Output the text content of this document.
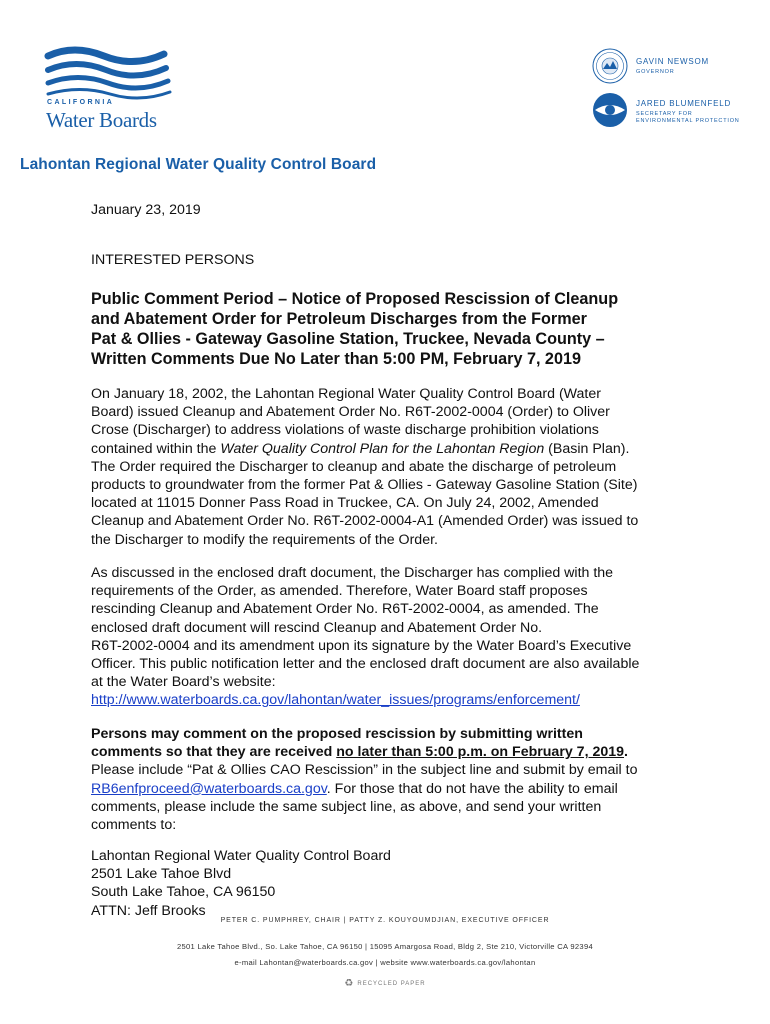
CALIFORNIA
Water Boards
GAVIN NEWSOM
GOVERNOR
JARED BLUMENFELD
SECRETARY FOR
ENVIRONMENTAL PROTECTION
Lahontan Regional Water Quality Control Board
January 23, 2019
INTERESTED PERSONS
Public Comment Period – Notice of Proposed Rescission of Cleanup
and Abatement Order for Petroleum Discharges from the Former
Pat & Ollies - Gateway Gasoline Station, Truckee, Nevada County –
Written Comments Due No Later than 5:00 PM, February 7, 2019
On January 18, 2002, the Lahontan Regional Water Quality Control Board (Water
Board) issued Cleanup and Abatement Order No. R6T-2002-0004 (Order) to Oliver
Crose (Discharger) to address violations of waste discharge prohibition violations
contained within the Water Quality Control Plan for the Lahontan Region (Basin Plan).
The Order required the Discharger to cleanup and abate the discharge of petroleum
products to groundwater from the former Pat & Ollies - Gateway Gasoline Station (Site)
located at 11015 Donner Pass Road in Truckee, CA. On July 24, 2002, Amended
Cleanup and Abatement Order No. R6T-2002-0004-A1 (Amended Order) was issued to
the Discharger to modify the requirements of the Order.
As discussed in the enclosed draft document, the Discharger has complied with the
requirements of the Order, as amended. Therefore, Water Board staff proposes
rescinding Cleanup and Abatement Order No. R6T-2002-0004, as amended. The
enclosed draft document will rescind Cleanup and Abatement Order No.
R6T-2002-0004 and its amendment upon its signature by the Water Board’s Executive
Officer. This public notification letter and the enclosed draft document are also available
at the Water Board’s website:
http://www.waterboards.ca.gov/lahontan/water_issues/programs/enforcement/
Persons may comment on the proposed rescission by submitting written
comments so that they are received no later than 5:00 p.m. on February 7, 2019.
Please include “Pat & Ollies CAO Rescission” in the subject line and submit by email to
RB6enfproceed@waterboards.ca.gov. For those that do not have the ability to email
comments, please include the same subject line, as above, and send your written
comments to:
Lahontan Regional Water Quality Control Board
2501 Lake Tahoe Blvd
South Lake Tahoe, CA 96150
ATTN: Jeff Brooks
PETER C. PUMPHREY, CHAIR | PATTY Z. KOUYOUMDJIAN, EXECUTIVE OFFICER
2501 Lake Tahoe Blvd., So. Lake Tahoe, CA 96150 | 15095 Amargosa Road, Bldg 2, Ste 210, Victorville CA 92394
e-mail Lahontan@waterboards.ca.gov | website www.waterboards.ca.gov/lahontan
♻ RECYCLED PAPER
